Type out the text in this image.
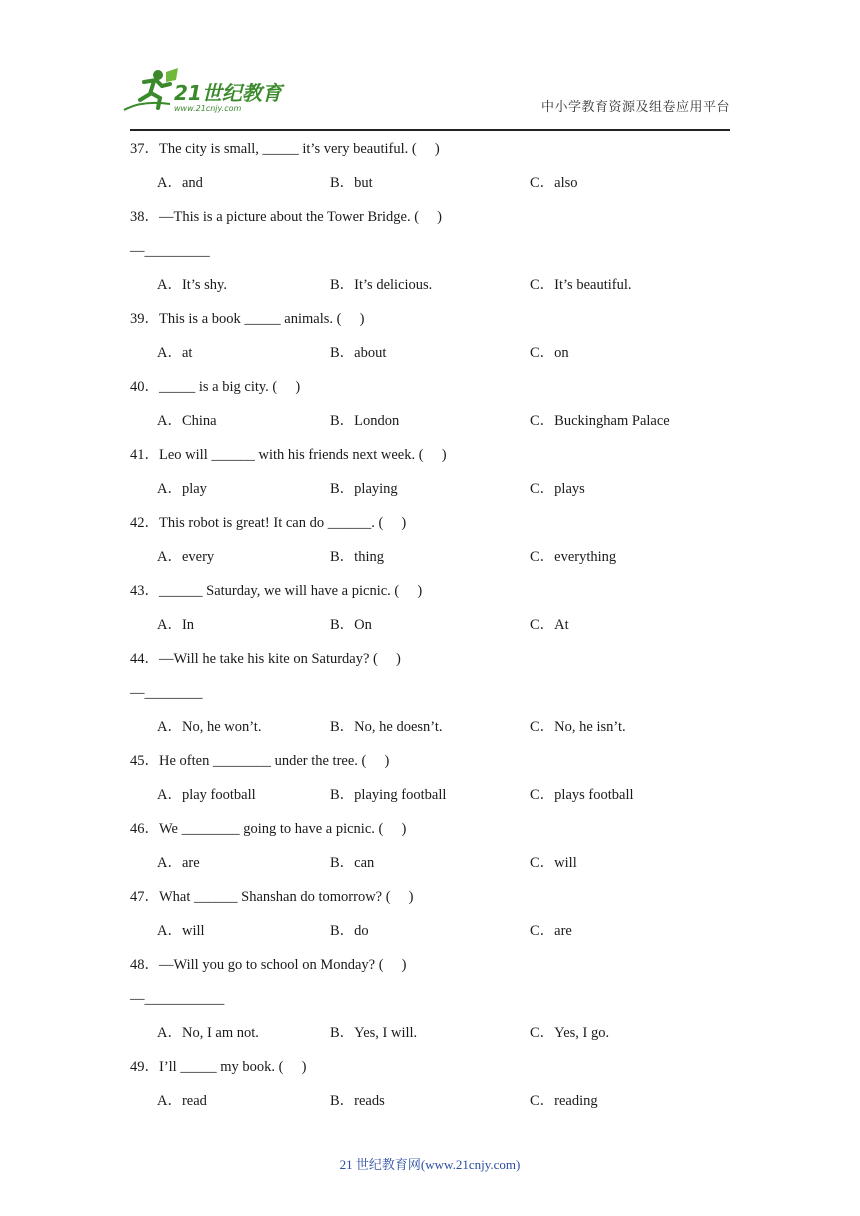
21世纪教育
www.21cnjy.com	中小学教育资源及组卷应用平台
37．The city is small, _____ it’s very beautiful. (     )
A．and	B．but	C．also
38．—This is a picture about the Tower Bridge. (     )
—_________
A．It’s shy.	B．It’s delicious.	C．It’s beautiful.
39．This is a book _____ animals. (     )
A．at	B．about	C．on
40．_____ is a big city. (     )
A．China	B．London	C．Buckingham Palace
41．Leo will ______ with his friends next week. (     )
A．play	B．playing	C．plays
42．This robot is great! It can do ______. (     )
A．every	B．thing	C．everything
43．______ Saturday, we will have a picnic. (     )
A．In	B．On	C．At
44．—Will he take his kite on Saturday? (     )
—________
A．No, he won’t.	B．No, he doesn’t.	C．No, he isn’t.
45．He often ________ under the tree. (     )
A．play football	B．playing football	C．plays football
46．We ________ going to have a picnic. (     )
A．are	B．can	C．will
47．What ______ Shanshan do tomorrow? (     )
A．will	B．do	C．are
48．—Will you go to school on Monday? (     )
—___________
A．No, I am not.	B．Yes, I will.	C．Yes, I go.
49．I’ll _____ my book. (     )
A．read	B．reads	C．reading
21 世纪教育网(www.21cnjy.com)
